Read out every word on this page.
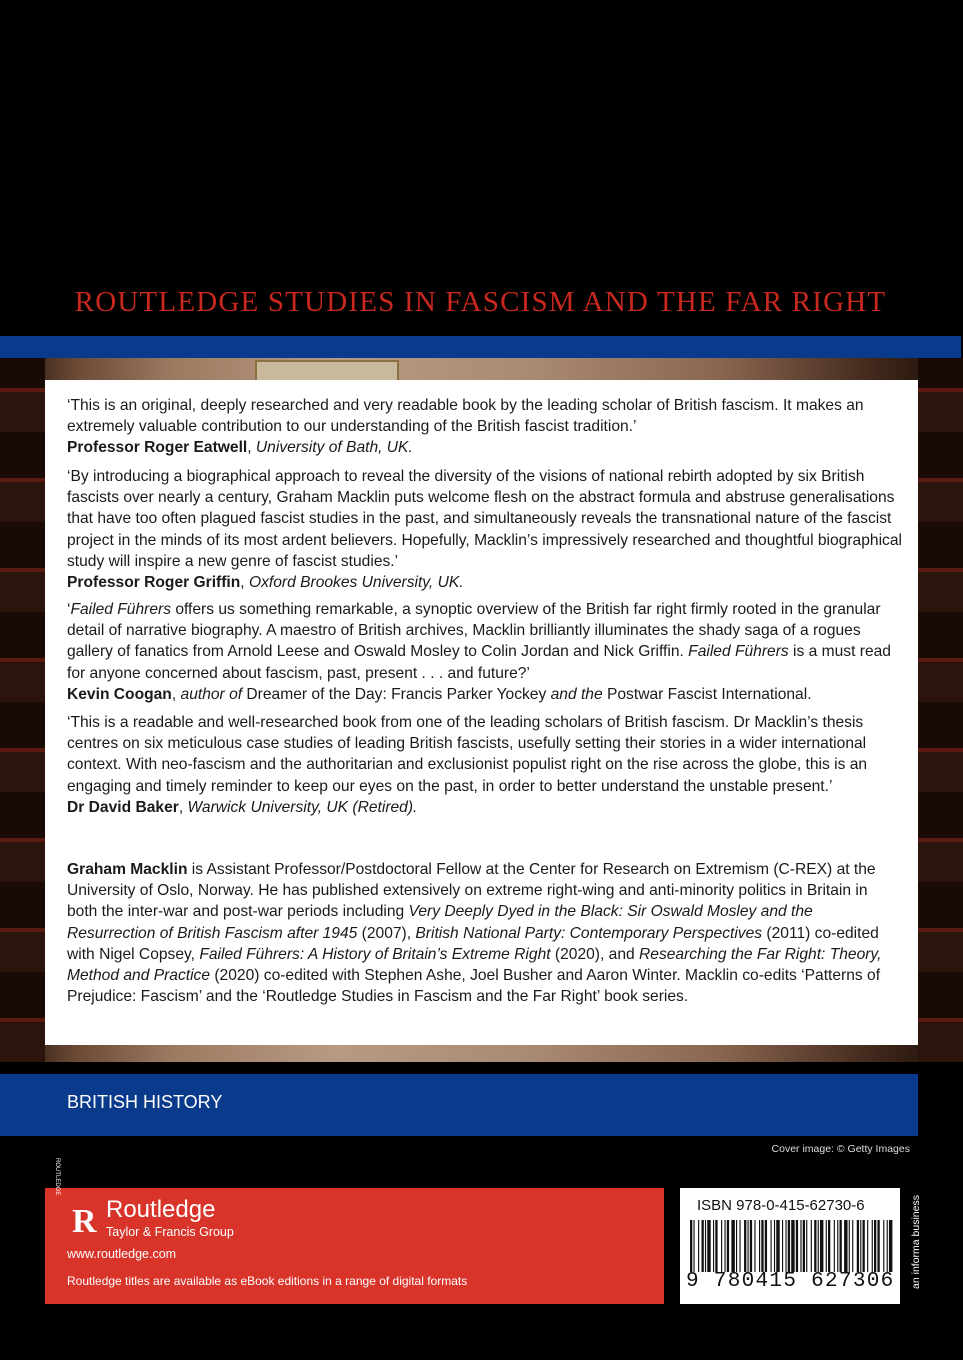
ROUTLEDGE STUDIES IN FASCISM AND THE FAR RIGHT

‘This is an original, deeply researched and very readable book by the leading scholar of British fascism. It makes an extremely valuable contribution to our understanding of the British fascist tradition.’

Professor Roger Eatwell, University of Bath, UK.

‘By introducing a biographical approach to reveal the diversity of the visions of national rebirth adopted by six British fascists over nearly a century, Graham Macklin puts welcome flesh on the abstract formula and abstruse generalisations that have too often plagued fascist studies in the past, and simultaneously reveals the transnational nature of the fascist project in the minds of its most ardent believers. Hopefully, Macklin’s impressively researched and thoughtful biographical study will inspire a new genre of fascist studies.’

Professor Roger Griffin, Oxford Brookes University, UK.

‘Failed Führers offers us something remarkable, a synoptic overview of the British far right firmly rooted in the granular detail of narrative biography. A maestro of British archives, Macklin brilliantly illuminates the shady saga of a rogues gallery of fanatics from Arnold Leese and Oswald Mosley to Colin Jordan and Nick Griffin. Failed Führers is a must read for anyone concerned about fascism, past, present . . . and future?’

Kevin Coogan, author of Dreamer of the Day: Francis Parker Yockey and the Postwar Fascist International.

‘This is a readable and well-researched book from one of the leading scholars of British fascism. Dr Macklin’s thesis centres on six meticulous case studies of leading British fascists, usefully setting their stories in a wider international context. With neo-fascism and the authoritarian and exclusionist populist right on the rise across the globe, this is an engaging and timely reminder to keep our eyes on the past, in order to better understand the unstable present.’

Dr David Baker, Warwick University, UK (Retired).

Graham Macklin is Assistant Professor/Postdoctoral Fellow at the Center for Research on Extremism (C-REX) at the University of Oslo, Norway. He has published extensively on extreme right-wing and anti-minority politics in Britain in both the inter-war and post-war periods including Very Deeply Dyed in the Black: Sir Oswald Mosley and the Resurrection of British Fascism after 1945 (2007), British National Party: Contemporary Perspectives (2011) co-edited with Nigel Copsey, Failed Führers: A History of Britain’s Extreme Right (2020), and Researching the Far Right: Theory, Method and Practice (2020) co-edited with Stephen Ashe, Joel Busher and Aaron Winter. Macklin co-edits ‘Patterns of Prejudice: Fascism’ and the ‘Routledge Studies in Fascism and the Far Right’ book series.
BRITISH HISTORY
Cover image: © Getty Images
ROUTLEDGE
R Routledge
Taylor & Francis Group
www.routledge.com
Routledge titles are available as eBook editions in a range of digital formats
ISBN 978-0-415-62730-6
9 780415 627306 an informa business
